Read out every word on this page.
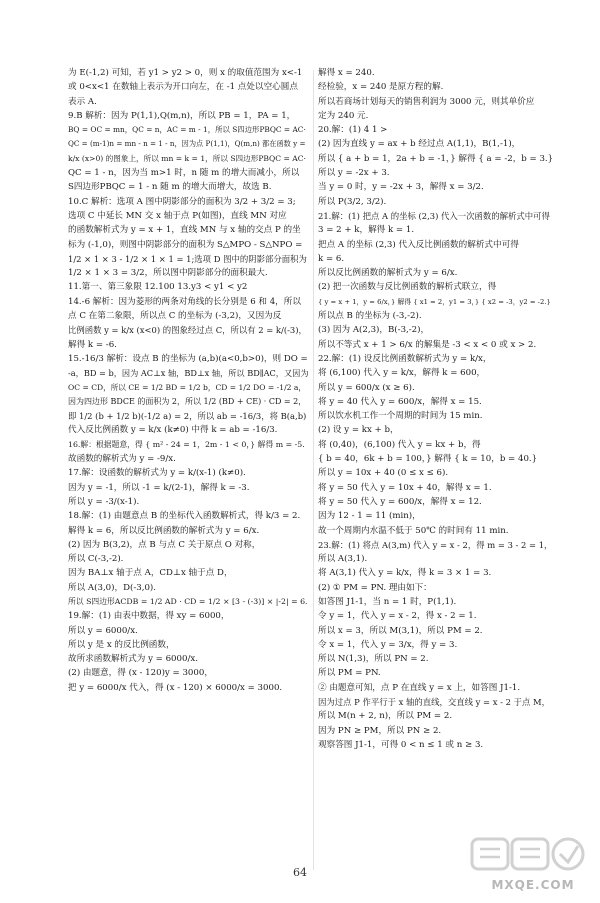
为 E(-1,2) 可知，若 y1 > y2 > 0，则 x 的取值范围为 x<-1
或 0<x<1 在数轴上表示为开口向左，在 -1 点处以空心圆点
表示 A.
9.B 解析：因为 P(1,1),Q(m,n)，所以 PB = 1，PA = 1，
BQ = OC = mn，QC = n，AC = m - 1，所以 S四边形PBQC = AC·
QC = (m-1)n = mn - n = 1 - n，因为点 P(1,1)，Q(m,n) 都在函数 y =
k/x (x>0) 的图象上，所以 mn = k = 1，所以 S四边形PBQC = AC·
QC = 1 - n，因为当 m>1 时，n 随 m 的增大而减小，所以
S四边形PBQC = 1 - n 随 m 的增大而增大，故选 B.
10.C 解析：选项 A 图中阴影部分的面积为 3/2 + 3/2 = 3;
选项 C 中延长 MN 交 x 轴于点 P(如图)，直线 MN 对应
的函数解析式为 y = x + 1，直线 MN 与 x 轴的交点 P 的坐
标为 (-1,0)，则图中阴影部分的面积为 S△MPO - S△NPO =
1/2 × 1 × 3 - 1/2 × 1 × 1 = 1;选项 D 图中的阴影部分面积为
1/2 × 1 × 3 = 3/2，所以图中阴影部分的面积最大.
11.第一、第三象限 12.100 13.y3 < y1 < y2
14.-6 解析：因为菱形的两条对角线的长分别是 6 和 4，所以
点 C 在第二象限，所以点 C 的坐标为 (-3,2)，又因为反
比例函数 y = k/x (x<0) 的图象经过点 C，所以有 2 = k/(-3)，
解得 k = -6.
15.-16/3 解析：设点 B 的坐标为 (a,b)(a<0,b>0)，则 DO =
-a，BD = b，因为 AC⊥x 轴，BD⊥x 轴，所以 BD∥AC，又因为
OC = CD，所以 CE = 1/2 BD = 1/2 b，CD = 1/2 DO = -1/2 a，
因为四边形 BDCE 的面积为 2，所以 1/2 (BD + CE) · CD = 2，
即 1/2 (b + 1/2 b)(-1/2 a) = 2，所以 ab = -16/3，将 B(a,b)
代入反比例函数 y = k/x (k≠0) 中得 k = ab = -16/3.
16.解：根据题意，得 { m² - 24 = 1，2m - 1 < 0，} 解得 m = -5.
故函数的解析式为 y = -9/x.
17.解：设函数的解析式为 y = k/(x-1) (k≠0).
因为 y = -1，所以 -1 = k/(2-1)，解得 k = -3.
所以 y = -3/(x-1).
18.解：(1) 由题意点 B 的坐标代入函数解析式，得 k/3 = 2.
解得 k = 6，所以反比例函数的解析式为 y = 6/x.
(2) 因为 B(3,2)，点 B 与点 C 关于原点 O 对称，
所以 C(-3,-2).
因为 BA⊥x 轴于点 A，CD⊥x 轴于点 D，
所以 A(3,0)，D(-3,0).
所以 S四边形ACDB = 1/2 AD · CD = 1/2 × [3 - (-3)] × |-2| = 6.
19.解：(1) 由表中数据，得 xy = 6000，
所以 y = 6000/x.
所以 y 是 x 的反比例函数，
故所求函数解析式为 y = 6000/x.
(2) 由题意，得 (x - 120)y = 3000，
把 y = 6000/x 代入，得 (x - 120) × 6000/x = 3000.
解得 x = 240.
经检验，x = 240 是原方程的解.
所以若商场计划每天的销售利润为 3000 元，则其单价应
定为 240 元.
20.解：(1) 4 1 >
(2) 因为直线 y = ax + b 经过点 A(1,1)，B(1,-1)，
所以 { a + b = 1，2a + b = -1，} 解得 { a = -2，b = 3.}
所以 y = -2x + 3.
当 y = 0 时，y = -2x + 3，解得 x = 3/2.
所以 P(3/2, 3/2).
21.解：(1) 把点 A 的坐标 (2,3) 代入一次函数的解析式中可得
3 = 2 + k，解得 k = 1.
把点 A 的坐标 (2,3) 代入反比例函数的解析式中可得
k = 6.
所以反比例函数的解析式为 y = 6/x.
(2) 把一次函数与反比例函数的解析式联立，得
{ y = x + 1，y = 6/x，} 解得 { x1 = 2，y1 = 3，} { x2 = -3，y2 = -2.}
所以点 B 的坐标为 (-3,-2).
(3) 因为 A(2,3)，B(-3,-2)，
所以不等式 x + 1 > 6/x 的解集是 -3 < x < 0 或 x > 2.
22.解：(1) 设反比例函数解析式为 y = k/x，
将 (6,100) 代入 y = k/x，解得 k = 600，
所以 y = 600/x (x ≥ 6).
将 y = 40 代入 y = 600/x，解得 x = 15.
所以饮水机工作一个周期的时间为 15 min.
(2) 设 y = kx + b，
将 (0,40)，(6,100) 代入 y = kx + b，得
{ b = 40，6k + b = 100，} 解得 { k = 10，b = 40.}
所以 y = 10x + 40 (0 ≤ x ≤ 6).
将 y = 50 代入 y = 10x + 40，解得 x = 1.
将 y = 50 代入 y = 600/x，解得 x = 12.
因为 12 - 1 = 11 (min)，
故一个周期内水温不低于 50℃ 的时间有 11 min.
23.解：(1) 将点 A(3,m) 代入 y = x - 2，得 m = 3 - 2 = 1，
所以 A(3,1).
将 A(3,1) 代入 y = k/x，得 k = 3 × 1 = 3.
(2) ① PM = PN. 理由如下：
如答图 J1-1，当 n = 1 时，P(1,1).
令 y = 1，代入 y = x - 2，得 x - 2 = 1.
所以 x = 3，所以 M(3,1)，所以 PM = 2.
令 x = 1，代入 y = 3/x，得 y = 3.
所以 N(1,3)，所以 PN = 2.
所以 PM = PN.
② 由题意可知，点 P 在直线 y = x 上，如答图 J1-1.
因为过点 P 作平行于 x 轴的直线，交直线 y = x - 2 于点 M，
所以 M(n + 2, n)，所以 PM = 2.
因为 PN ≥ PM，所以 PN ≥ 2.
观察答图 J1-1，可得 0 < n ≤ 1 或 n ≥ 3.
64
MXQE.COM
